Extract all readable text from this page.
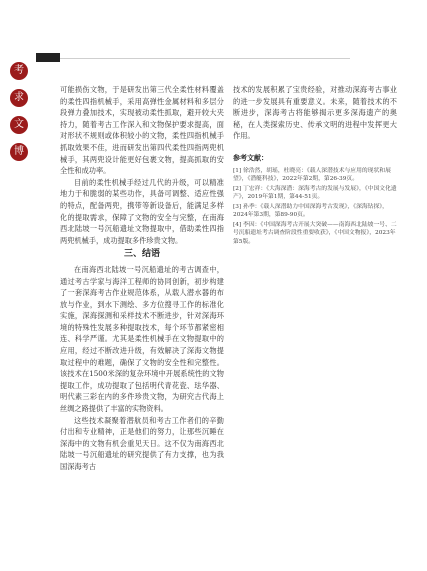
考
求
文
博

可能损伤文物，于是研发出第三代全柔性材料覆盖的柔性四指机械手，采用高弹性金属材料和多层分段弹力叠加技术，实现被动柔性抓取，避开较大夹持力，随着考古工作深入和文物保护要求提高，面对形状不规则或体积较小的文物，柔性四指机械手抓取效果不佳，进而研发出第四代柔性四指两兜机械手，其两兜设计能更好包裹文物，提高抓取的安全性和成功率。

目前的柔性机械手经过几代的升级，可以精准地力于和脆弱的某些功作，具备可调整、适应性强的特点，配备两兜，携带等新设备后，能满足多样化的提取需求，保障了文物的安全与完整，在南海西北陆坡一号沉船遗址文物提取中，借助柔性四指两兜机械手，成功提取多件珍贵文物。

三、结语

在南海西北陆坡一号沉船遗址的考古调查中，通过考古学家与海洋工程师的协同创新，初步构建了一套深海考古作业规范体系，从载人潜水器的布放与作业，到水下测绘、多方位搜寻工作的标准化实施，深海探测和采样技术不断进步，针对深海环境的特殊性发展多种提取技术，每个环节都紧密相连、科学严谨。尤其是柔性机械手在文物提取中的应用，经过不断改进升级，有效解决了深海文物提取过程中的难题，确保了文物的安全性和完整性。该技术在1500米深的复杂环境中开展系统性的文物提取工作，成功提取了包括明代青花瓷、珐华器、明代素三彩在内的多件珍贵文物，为研究古代海上丝绸之路提供了丰富的实物资料。

这些技术凝聚着潜航员和考古工作者们的辛勤付出和专业精神，正是他们的努力，让那些沉睡在深海中的文物有机会重见天日。这不仅为南海西北陆坡一号沉船遗址的研究提供了有力支撑，也为我国深海考古

技术的发展积累了宝贵经验，对推动深海考古事业的进一步发展具有重要意义。未来，随着技术的不断进步，深海考古将能够揭示更多深海遗产的奥秘，在人类探索历史、传承文明的进程中发挥更大作用。

参考文献：

[1] 徐浩然，胡瑶，杜晓亮：《载人深潜技术与应用的现状和展望》，《潜艇科技》，2022年第2期，第26-39页。

[2] 丁宏祥：《大海深潜：深海考古的发展与发展》，《中国文化遗产》，2019年第1期，第44-51页。

[3] 孙季：《载人深潜助力中国深海考古发现》，《深海钻探》，2024年第3期，第89-90页。

[4] 李因：《中国深海考古开展大突破——南海西北陆坡一号、二号沉船遗址考古调查阶段性重要收获》，《中国文物报》，2023年第5版。
